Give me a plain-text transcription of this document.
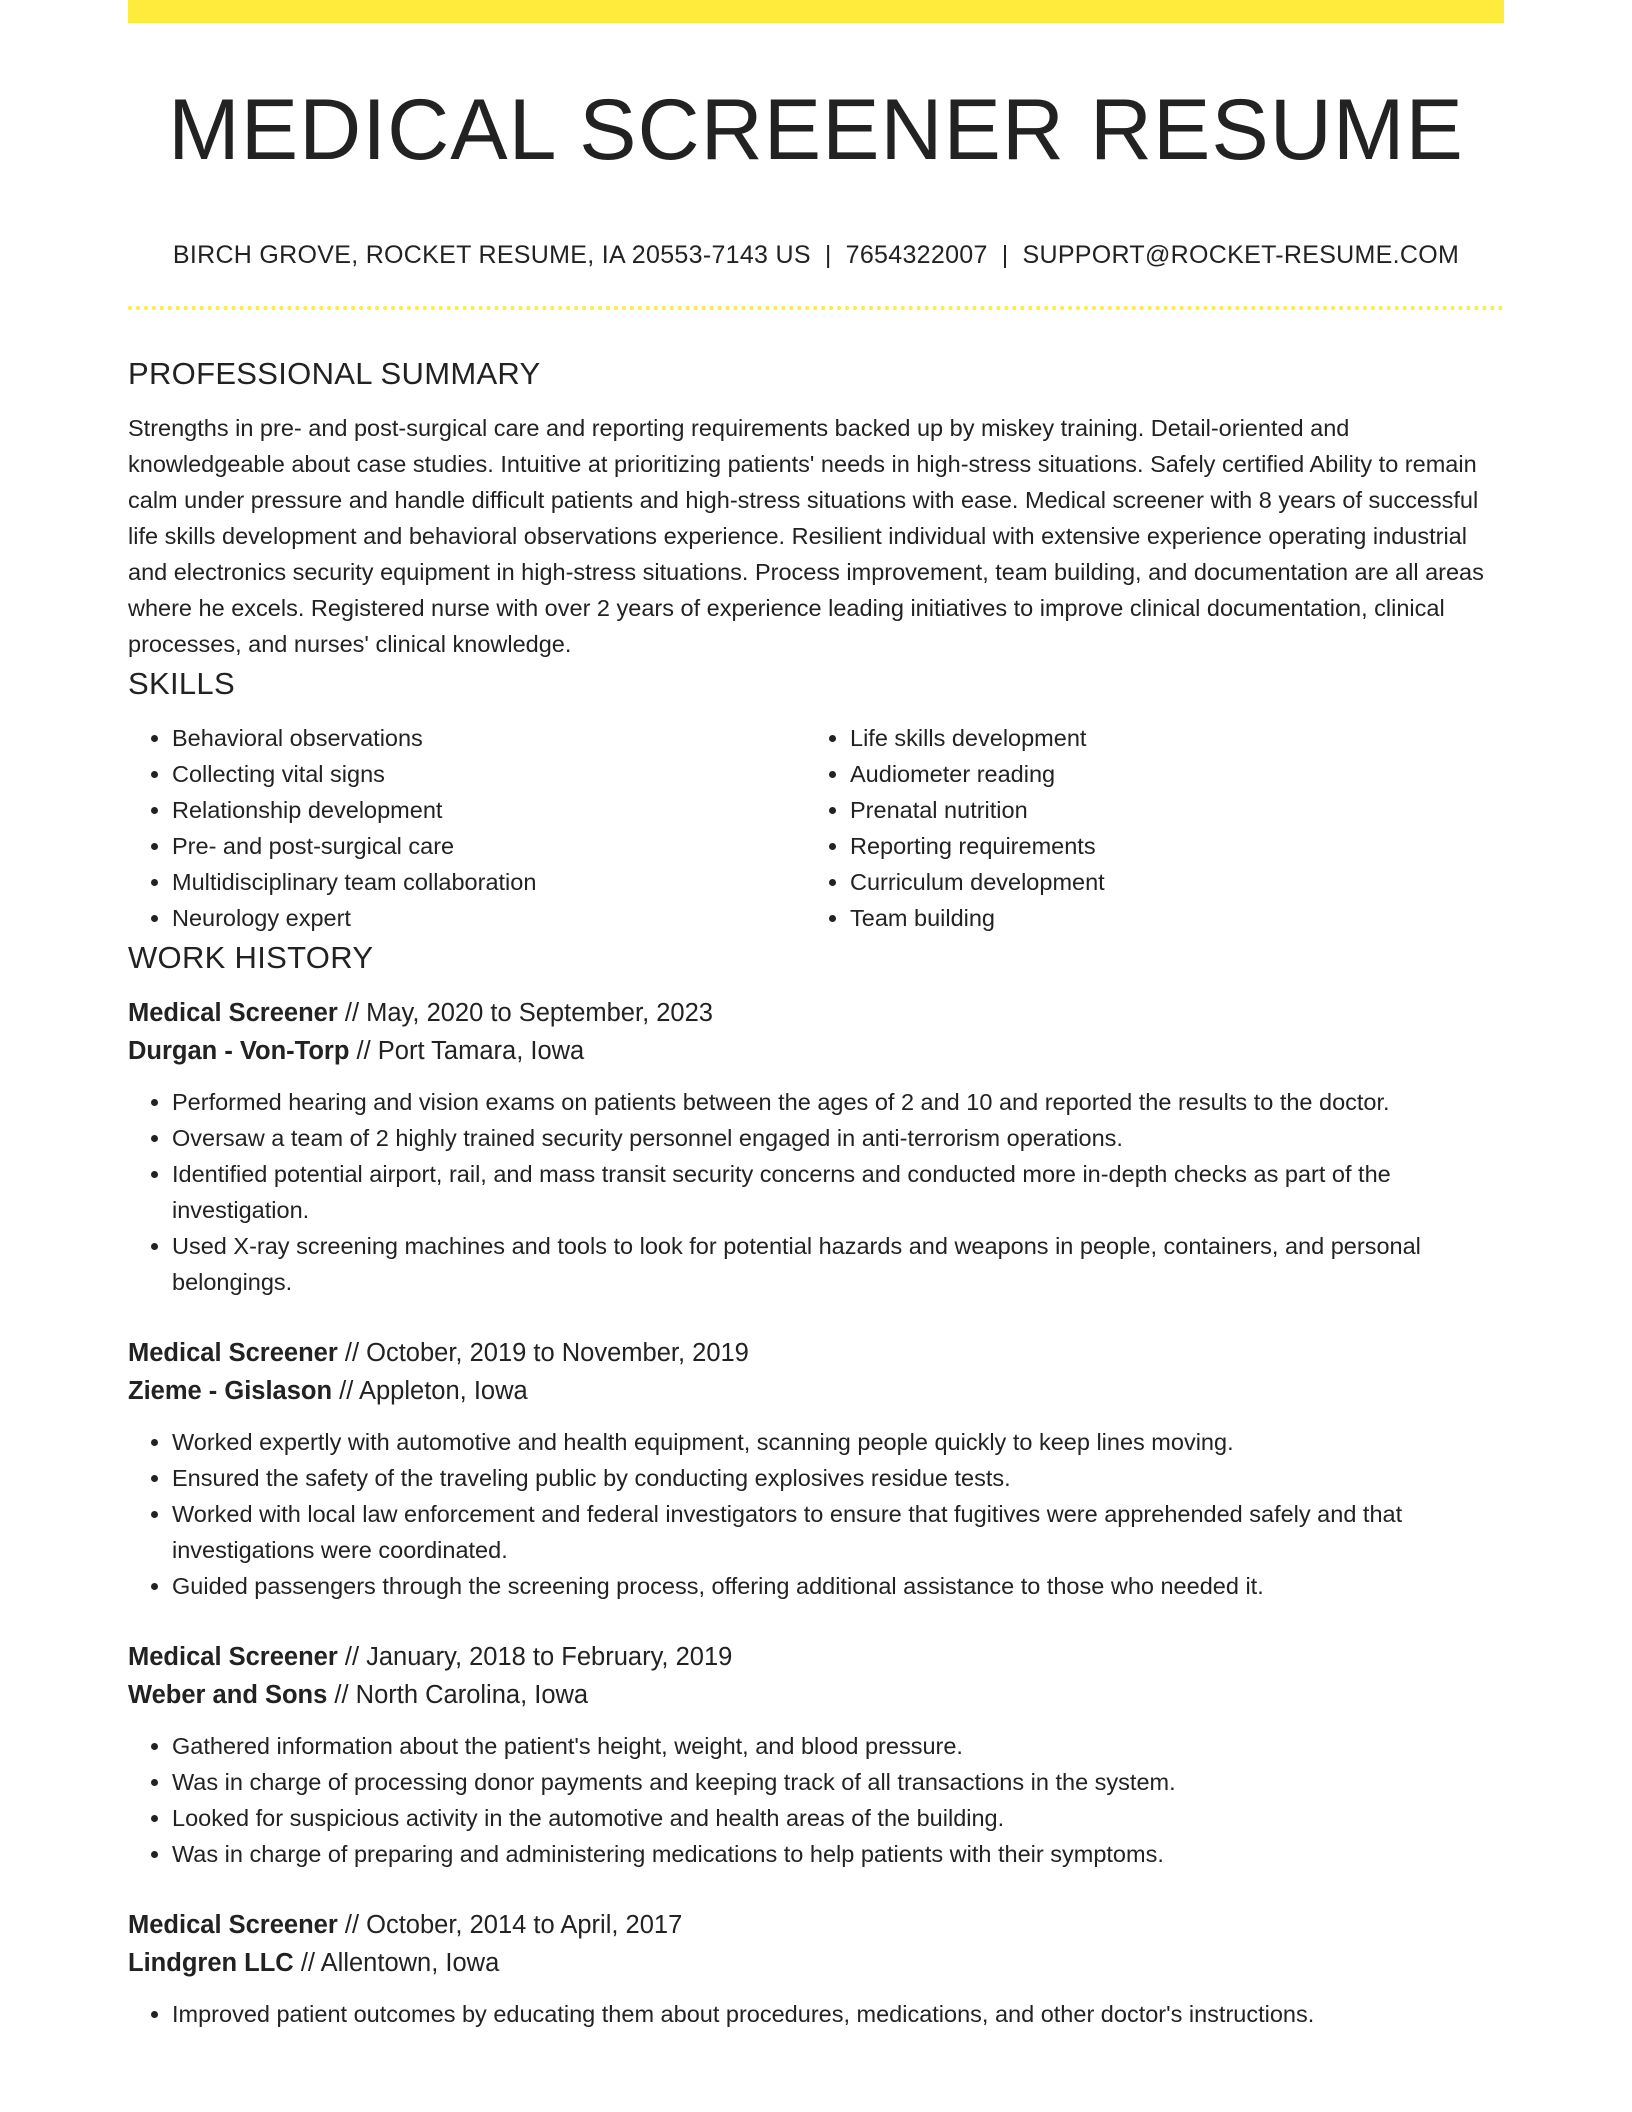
MEDICAL SCREENER RESUME
BIRCH GROVE, ROCKET RESUME, IA 20553-7143 US | 7654322007 | SUPPORT@ROCKET-RESUME.COM
PROFESSIONAL SUMMARY

Strengths in pre- and post-surgical care and reporting requirements backed up by miskey training. Detail-oriented and knowledgeable about case studies. Intuitive at prioritizing patients' needs in high-stress situations. Safely certified Ability to remain calm under pressure and handle difficult patients and high-stress situations with ease. Medical screener with 8 years of successful life skills development and behavioral observations experience. Resilient individual with extensive experience operating industrial and electronics security equipment in high-stress situations. Process improvement, team building, and documentation are all areas where he excels. Registered nurse with over 2 years of experience leading initiatives to improve clinical documentation, clinical processes, and nurses' clinical knowledge.

SKILLS
• Behavioral observations
• Collecting vital signs
• Relationship development
• Pre- and post-surgical care
• Multidisciplinary team collaboration
• Neurology expert
• Life skills development
• Audiometer reading
• Prenatal nutrition
• Reporting requirements
• Curriculum development
• Team building
WORK HISTORY
Medical Screener // May, 2020 to September, 2023
Durgan - Von-Torp // Port Tamara, Iowa
• Performed hearing and vision exams on patients between the ages of 2 and 10 and reported the results to the doctor.
• Oversaw a team of 2 highly trained security personnel engaged in anti-terrorism operations.
• Identified potential airport, rail, and mass transit security concerns and conducted more in-depth checks as part of the investigation.
• Used X-ray screening machines and tools to look for potential hazards and weapons in people, containers, and personal belongings.
Medical Screener // October, 2019 to November, 2019
Zieme - Gislason // Appleton, Iowa
• Worked expertly with automotive and health equipment, scanning people quickly to keep lines moving.
• Ensured the safety of the traveling public by conducting explosives residue tests.
• Worked with local law enforcement and federal investigators to ensure that fugitives were apprehended safely and that investigations were coordinated.
• Guided passengers through the screening process, offering additional assistance to those who needed it.
Medical Screener // January, 2018 to February, 2019
Weber and Sons // North Carolina, Iowa
• Gathered information about the patient's height, weight, and blood pressure.
• Was in charge of processing donor payments and keeping track of all transactions in the system.
• Looked for suspicious activity in the automotive and health areas of the building.
• Was in charge of preparing and administering medications to help patients with their symptoms.
Medical Screener // October, 2014 to April, 2017
Lindgren LLC // Allentown, Iowa
• Improved patient outcomes by educating them about procedures, medications, and other doctor's instructions.
